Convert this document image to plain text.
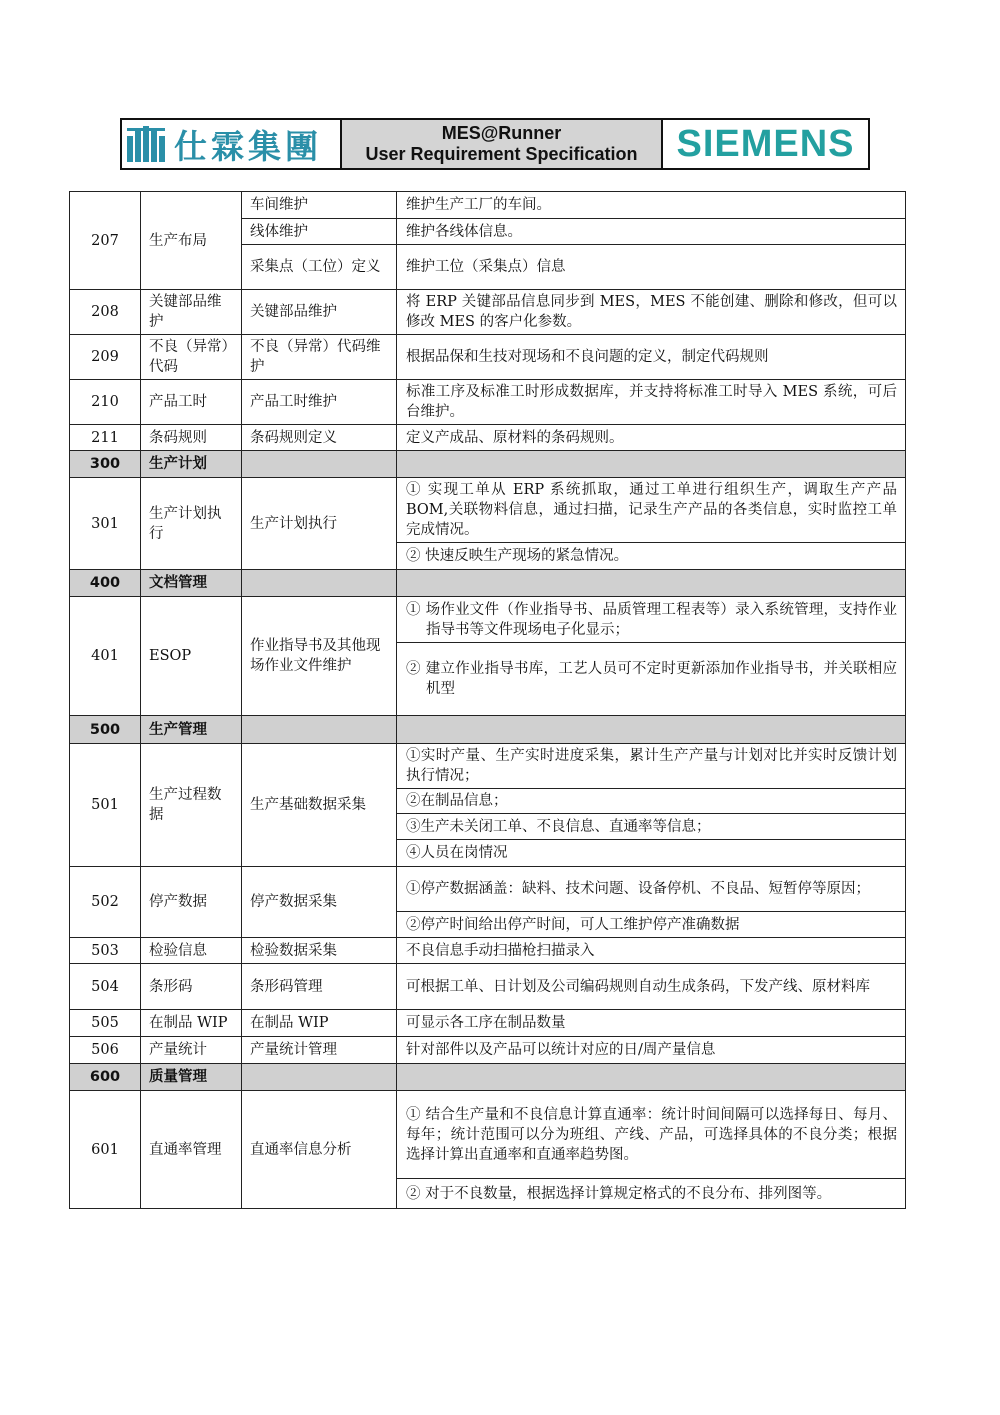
仕霖集團	MES@Runner
User Requirement Specification SIEMENS
207	生产布局	车间维护	维护生产工厂的车间。
		线体维护	维护各线体信息。
		采集点（工位）定义	维护工位（采集点）信息
208	关键部品维护	关键部品维护	将 ERP 关键部品信息同步到 MES，MES 不能创建、删除和修改，但可以修改 MES 的客户化参数。
209	不良（异常）代码	不良（异常）代码维护	根据品保和生技对现场和不良问题的定义，制定代码规则
210	产品工时	产品工时维护	标准工序及标准工时形成数据库，并支持将标准工时导入 MES 系统，可后台维护。
211	条码规则	条码规则定义	定义产成品、原材料的条码规则。
300	生产计划		
301	生产计划执行	生产计划执行	① 实现工单从 ERP 系统抓取，通过工单进行组织生产，调取生产产品 BOM,关联物料信息，通过扫描，记录生产产品的各类信息，实时监控工单完成情况。
			② 快速反映生产现场的紧急情况。
400	文档管理		
401	ESOP	作业指导书及其他现场作业文件维护	① 场作业文件（作业指导书、品质管理工程表等）录入系统管理，支持作业指导书等文件现场电子化显示；
			② 建立作业指导书库，工艺人员可不定时更新添加作业指导书，并关联相应机型
500	生产管理		
501	生产过程数据	生产基础数据采集	①实时产量、生产实时进度采集，累计生产产量与计划对比并实时反馈计划执行情况；
			②在制品信息；
			③生产未关闭工单、不良信息、直通率等信息；
			④人员在岗情况
502	停产数据	停产数据采集	①停产数据涵盖：缺料、技术问题、设备停机、不良品、短暂停等原因；
			②停产时间给出停产时间，可人工维护停产准确数据
503	检验信息	检验数据采集	不良信息手动扫描枪扫描录入
504	条形码	条形码管理	可根据工单、日计划及公司编码规则自动生成条码，下发产线、原材料库
505	在制品 WIP	在制品 WIP	可显示各工序在制品数量
506	产量统计	产量统计管理	针对部件以及产品可以统计对应的日/周产量信息
600	质量管理		
601	直通率管理	直通率信息分析	① 结合生产量和不良信息计算直通率：统计时间间隔可以选择每日、每月、每年；统计范围可以分为班组、产线、产品，可选择具体的不良分类；根据选择计算出直通率和直通率趋势图。
			② 对于不良数量，根据选择计算规定格式的不良分布、排列图等。
